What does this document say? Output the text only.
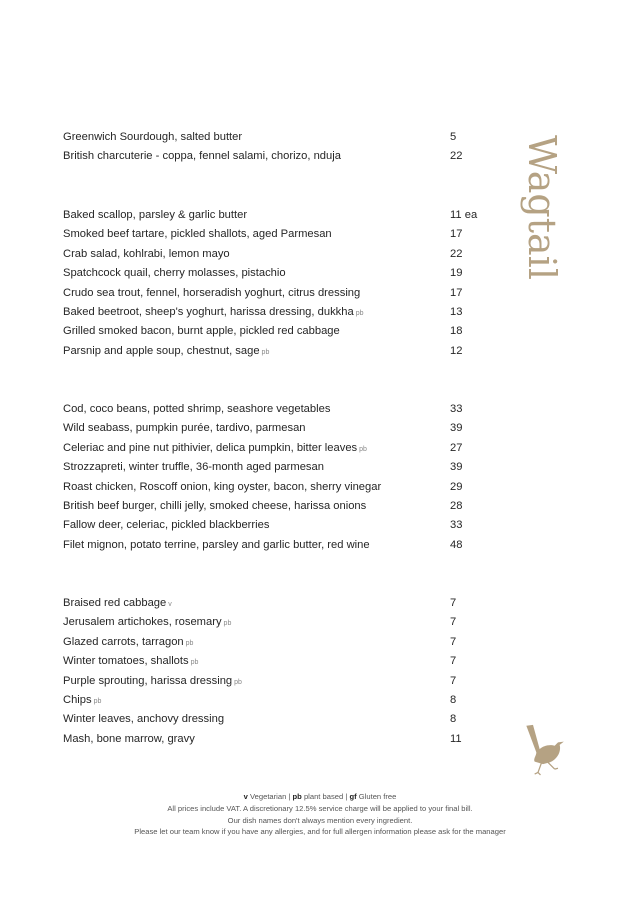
Greenwich Sourdough, salted butter	5
British charcuterie - coppa, fennel salami, chorizo, nduja	22
Baked scallop, parsley & garlic butter	11 ea
Smoked beef tartare, pickled shallots, aged Parmesan	17
Crab salad, kohlrabi, lemon mayo	22
Spatchcock quail, cherry molasses, pistachio	19
Crudo sea trout, fennel, horseradish yoghurt, citrus dressing	17
Baked beetroot, sheep's yoghurt, harissa dressing, dukkha pb	13
Grilled smoked bacon, burnt apple, pickled red cabbage	18
Parsnip and apple soup, chestnut, sage pb	12
Cod, coco beans, potted shrimp, seashore vegetables	33
Wild seabass, pumpkin purée, tardivo, parmesan	39
Celeriac and pine nut pithivier, delica pumpkin, bitter leaves pb	27
Strozzapreti, winter truffle, 36-month aged parmesan	39
Roast chicken, Roscoff onion, king oyster, bacon, sherry vinegar	29
British beef burger, chilli jelly, smoked cheese, harissa onions	28
Fallow deer, celeriac, pickled blackberries	33
Filet mignon, potato terrine, parsley and garlic butter, red wine	48
Braised red cabbage v	7
Jerusalem artichokes, rosemary pb	7
Glazed carrots, tarragon pb	7
Winter tomatoes, shallots pb	7
Purple sprouting, harissa dressing pb	7
Chips pb	8
Winter leaves, anchovy dressing	8
Mash, bone marrow, gravy	11
Wagtail
v Vegetarian | pb plant based | gf Gluten free
All prices include VAT. A discretionary 12.5% service charge will be applied to your final bill.
Our dish names don't always mention every ingredient.
Please let our team know if you have any allergies, and for full allergen information please ask for the manager
